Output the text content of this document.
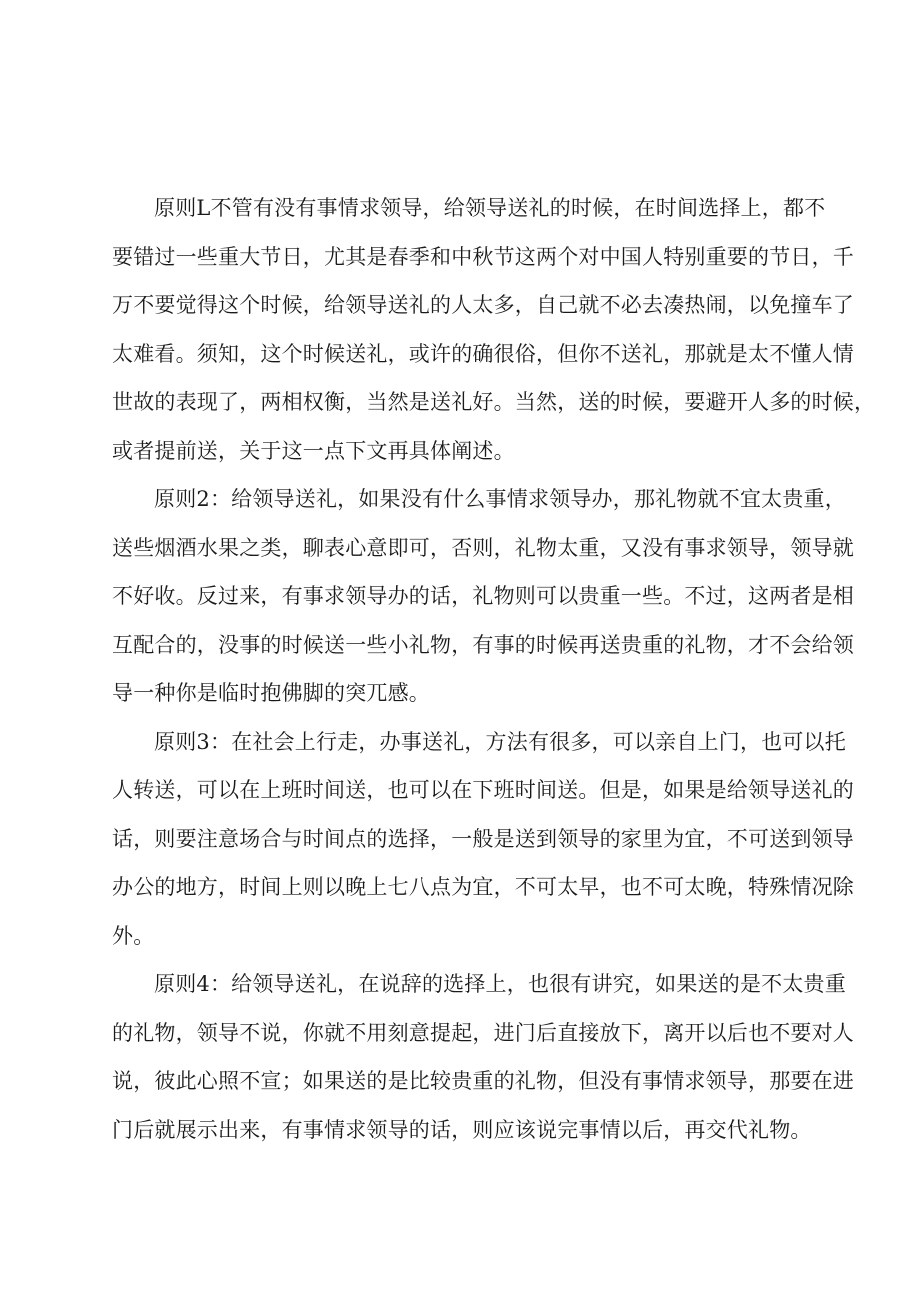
原则L不管有没有事情求领导，给领导送礼的时候，在时间选择上，都不
要错过一些重大节日，尤其是春季和中秋节这两个对中国人特别重要的节日，千
万不要觉得这个时候，给领导送礼的人太多，自己就不必去凑热闹，以免撞车了
太难看。须知，这个时候送礼，或许的确很俗，但你不送礼，那就是太不懂人情
世故的表现了，两相权衡，当然是送礼好。当然，送的时候，要避开人多的时候，
或者提前送，关于这一点下文再具体阐述。
原则2：给领导送礼，如果没有什么事情求领导办，那礼物就不宜太贵重，
送些烟酒水果之类，聊表心意即可，否则，礼物太重，又没有事求领导，领导就
不好收。反过来，有事求领导办的话，礼物则可以贵重一些。不过，这两者是相
互配合的，没事的时候送一些小礼物，有事的时候再送贵重的礼物，才不会给领
导一种你是临时抱佛脚的突兀感。
原则3：在社会上行走，办事送礼，方法有很多，可以亲自上门，也可以托
人转送，可以在上班时间送，也可以在下班时间送。但是，如果是给领导送礼的
话，则要注意场合与时间点的选择，一般是送到领导的家里为宜，不可送到领导
办公的地方，时间上则以晚上七八点为宜，不可太早，也不可太晚，特殊情况除
外。
原则4：给领导送礼，在说辞的选择上，也很有讲究，如果送的是不太贵重
的礼物，领导不说，你就不用刻意提起，进门后直接放下，离开以后也不要对人
说，彼此心照不宣；如果送的是比较贵重的礼物，但没有事情求领导，那要在进
门后就展示出来，有事情求领导的话，则应该说完事情以后，再交代礼物。
